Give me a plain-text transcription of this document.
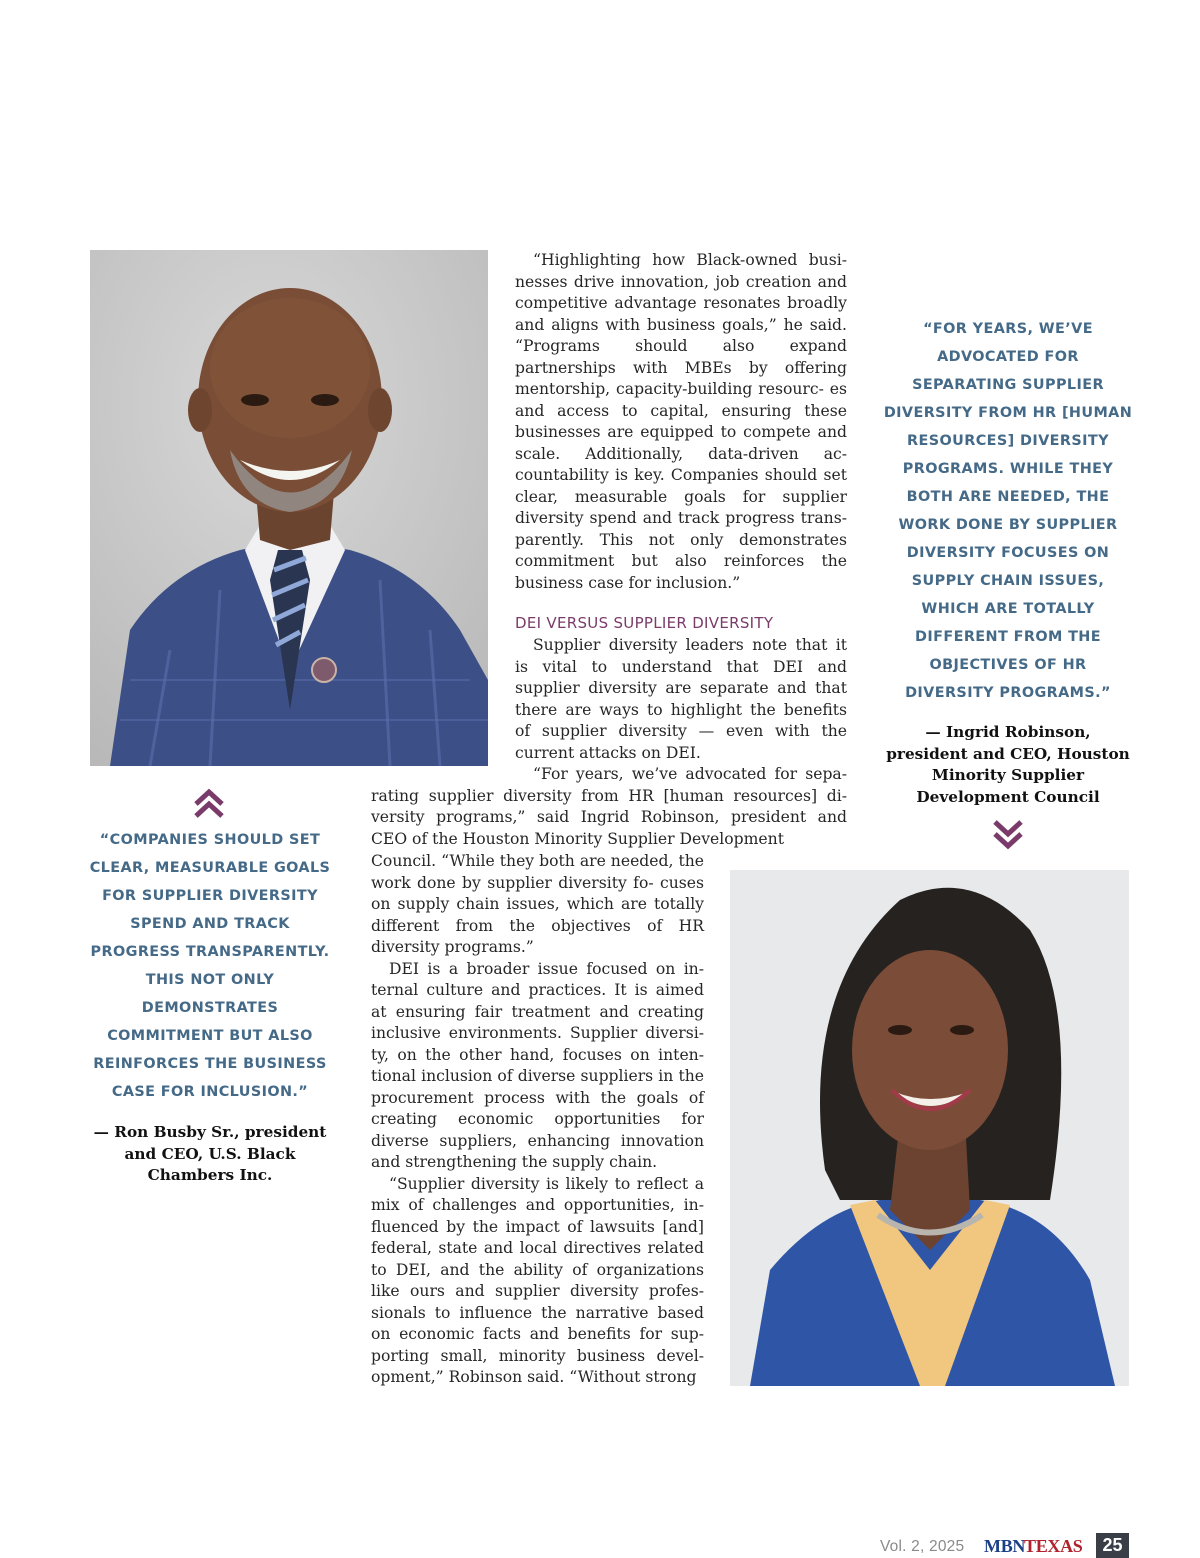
“Highlighting how Black-owned busi- nesses drive innovation, job creation and competitive advantage resonates broadly and aligns with business goals,” he said. “Programs should also expand partnerships with MBEs by offering mentorship, capacity-building resourc- es and access to capital, ensuring these businesses are equipped to compete and scale. Additionally, data-driven ac- countability is key. Companies should set clear, measurable goals for supplier diversity spend and track progress trans- parently. This not only demonstrates commitment but also reinforces the business case for inclusion.”

DEI VERSUS SUPPLIER DIVERSITY

Supplier diversity leaders note that it is vital to understand that DEI and supplier diversity are separate and that there are ways to highlight the benefits of supplier diversity — even with the current attacks on DEI.

“For years, we’ve advocated for sepa- rating supplier diversity from HR [human resources] di- versity programs,” said Ingrid Robinson, president and CEO of the Houston Minority Supplier Development

Council. “While they both are needed, the work done by supplier diversity fo- cuses on supply chain issues, which are totally different from the objectives of HR diversity programs.”

DEI is a broader issue focused on in- ternal culture and practices. It is aimed at ensuring fair treatment and creating inclusive environments. Supplier diversi- ty, on the other hand, focuses on inten- tional inclusion of diverse suppliers in the procurement process with the goals of creating economic opportunities for diverse suppliers, enhancing innovation and strengthening the supply chain.

“Supplier diversity is likely to reflect a mix of challenges and opportunities, in- fluenced by the impact of lawsuits [and] federal, state and local directives related to DEI, and the ability of organizations like ours and supplier diversity profes- sionals to influence the narrative based on economic facts and benefits for sup- porting small, minority business devel- opment,” Robinson said. “Without strong

“COMPANIES SHOULD SET CLEAR, MEASURABLE GOALS FOR SUPPLIER DIVERSITY SPEND AND TRACK PROGRESS TRANSPARENTLY. THIS NOT ONLY DEMONSTRATES COMMITMENT BUT ALSO REINFORCES THE BUSINESS CASE FOR INCLUSION.”
— Ron Busby Sr., president and CEO, U.S. Black Chambers Inc.
“FOR YEARS, WE’VE ADVOCATED FOR SEPARATING SUPPLIER DIVERSITY FROM HR [HUMAN RESOURCES] DIVERSITY PROGRAMS. WHILE THEY BOTH ARE NEEDED, THE WORK DONE BY SUPPLIER DIVERSITY FOCUSES ON SUPPLY CHAIN ISSUES, WHICH ARE TOTALLY DIFFERENT FROM THE OBJECTIVES OF HR DIVERSITY PROGRAMS.”
— Ingrid Robinson, president and CEO, Houston Minority Supplier Development Council
Vol. 2, 2025 MBN
TEXAS	25
